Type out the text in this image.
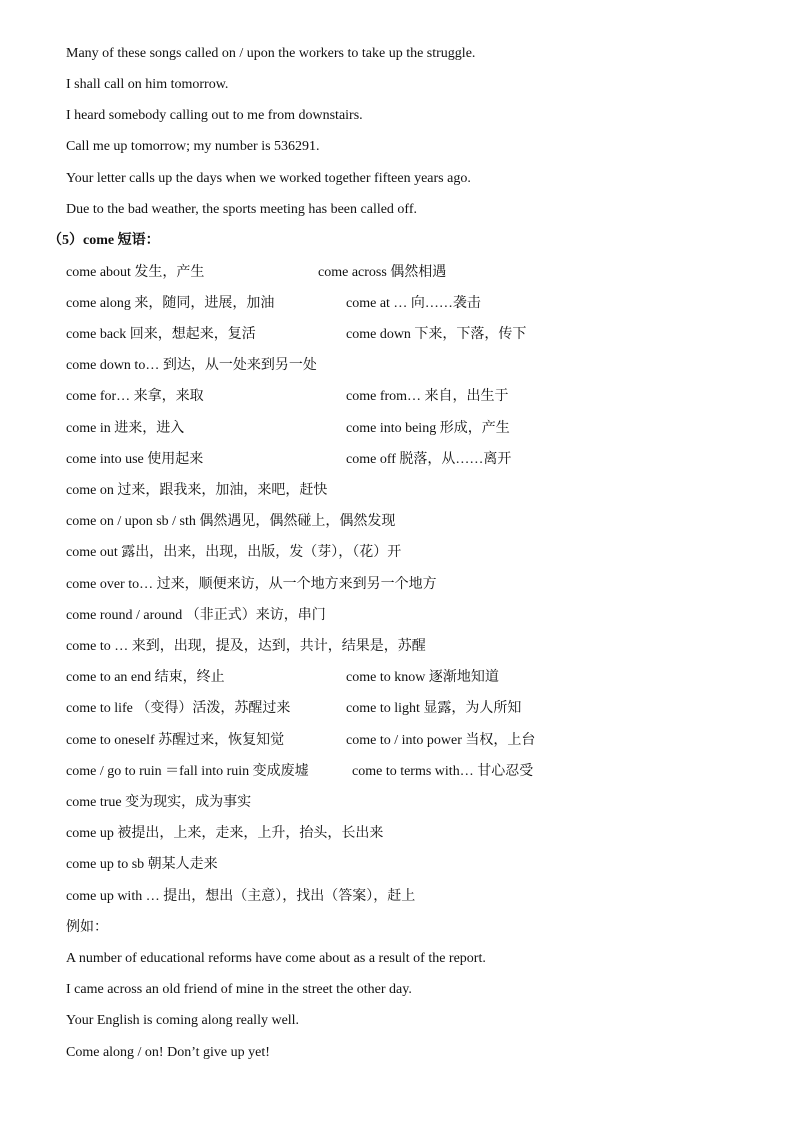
Many of these songs called on / upon the workers to take up the struggle.
I shall call on him tomorrow.
I heard somebody calling out to me from downstairs.
Call me up tomorrow; my number is 536291.
Your letter calls up the days when we worked together fifteen years ago.
Due to the bad weather, the sports meeting has been called off.
（5）come 短语：
come about 发生，产生	come across 偶然相遇
come along 来，随同，进展，加油	come at … 向……袭击
come back 回来，想起来，复活	come down 下来，下落，传下
come down to… 到达，从一处来到另一处
come for… 来拿，来取	come from… 来自，出生于
come in 进来，进入	come into being 形成，产生
come into use 使用起来	come off 脱落，从……离开
come on 过来，跟我来，加油，来吧，赶快
come on / upon sb / sth 偶然遇见，偶然碰上，偶然发现
come out 露出，出来，出现，出版，发（芽），（花）开
come over to… 过来，顺便来访，从一个地方来到另一个地方
come round / around （非正式）来访，串门
come to … 来到，出现，提及，达到，共计，结果是，苏醒
come to an end 结束，终止	come to know 逐渐地知道
come to life （变得）活泼，苏醒过来	come to light 显露，为人所知
come to oneself 苏醒过来，恢复知觉	come to / into power 当权，上台
come / go to ruin ＝fall into ruin 变成废墟	come to terms with… 甘心忍受
come true 变为现实，成为事实
come up 被提出，上来，走来，上升，抬头，长出来
come up to sb 朝某人走来
come up with … 提出，想出（主意），找出（答案），赶上
例如：
A number of educational reforms have come about as a result of the report.
I came across an old friend of mine in the street the other day.
Your English is coming along really well.
Come along / on! Don’t give up yet!
